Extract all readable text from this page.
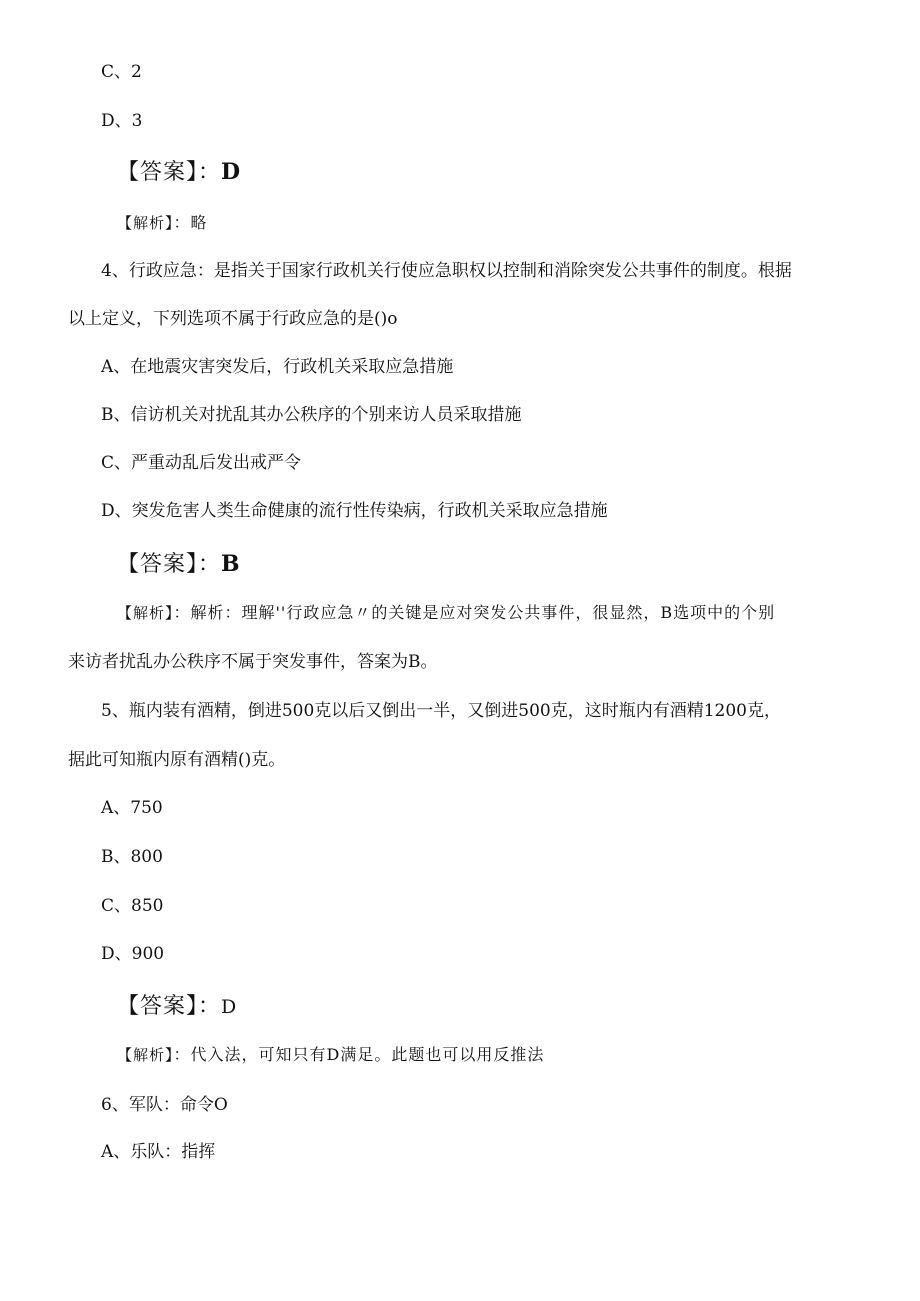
C、2
D、3
【答案】：D
【解析】：略
4、行政应急：是指关于国家行政机关行使应急职权以控制和消除突发公共事件的制度。根据
以上定义，下列选项不属于行政应急的是()o
A、在地震灾害突发后，行政机关采取应急措施
B、信访机关对扰乱其办公秩序的个别来访人员采取措施
C、严重动乱后发出戒严令
D、突发危害人类生命健康的流行性传染病，行政机关采取应急措施
【答案】：B
【解析】：解析：理解''行政应急〃的关键是应对突发公共事件，很显然，B选项中的个别
来访者扰乱办公秩序不属于突发事件，答案为B。
5、瓶内装有酒精，倒进500克以后又倒出一半，又倒进500克，这时瓶内有酒精1200克，
据此可知瓶内原有酒精()克。
A、750
B、800
C、850
D、900
【答案】：D
【解析】：代入法，可知只有D满足。此题也可以用反推法
6、军队：命令O
A、乐队：指挥
